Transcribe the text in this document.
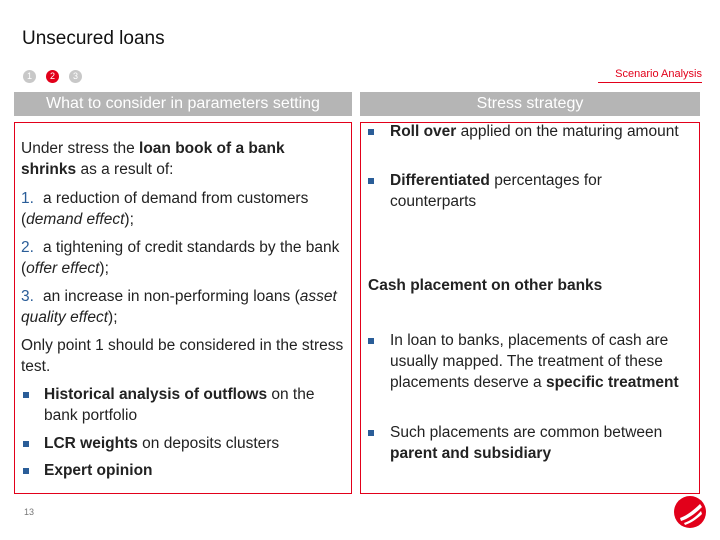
Unsecured loans
1	2	3	Scenario Analysis
What to consider in parameters setting	Stress strategy
Under stress the loan book of a bank shrinks as a result of:
1. a reduction of demand from customers (demand effect);
2. a tightening of credit standards by the bank (offer effect);
3. an increase in non-performing loans (asset quality effect);
Only point 1 should be considered in the stress test.
Historical analysis of outflows on the bank portfolio
LCR weights on deposits clusters
Expert opinion
Roll over applied on the maturing amount
Differentiated percentages for counterparts
Cash placement on other banks
In loan to banks, placements of cash are usually mapped. The treatment of these placements deserve a specific treatment
Such placements are common between parent and subsidiary
13
